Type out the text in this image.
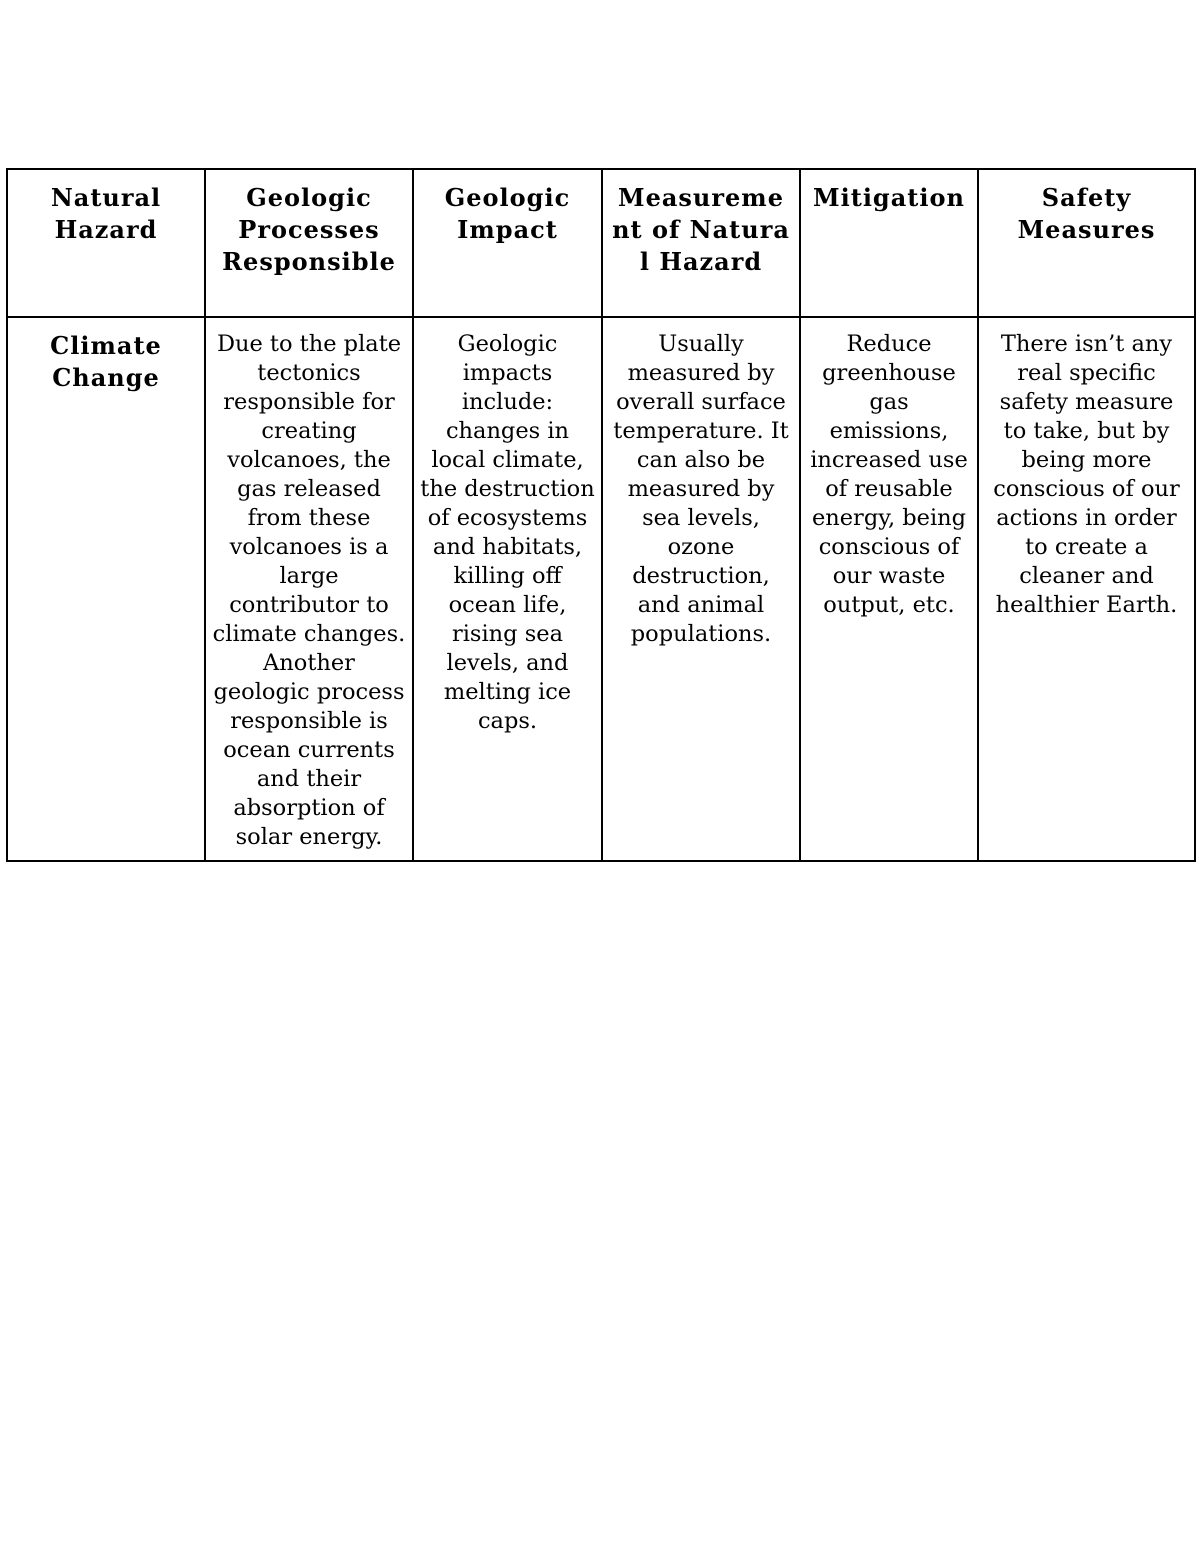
Natural Hazard	Geologic Processes Responsible	Geologic Impact	Measurement of Natural Hazard	Mitigation	Safety Measures

Climate Change	Due to the plate tectonics responsible for creating volcanoes, the gas released from these volcanoes is a large contributor to climate changes. Another geologic process responsible is ocean currents and their absorption of solar energy.	Geologic impacts include: changes in local climate, the destruction of ecosystems and habitats, killing off ocean life, rising sea levels, and melting ice caps.	Usually measured by overall surface temperature. It can also be measured by sea levels, ozone destruction, and animal populations.	Reduce greenhouse gas emissions, increased use of reusable energy, being conscious of our waste output, etc.	There isn’t any real specific safety measure to take, but by being more conscious of our actions in order to create a cleaner and healthier Earth.
